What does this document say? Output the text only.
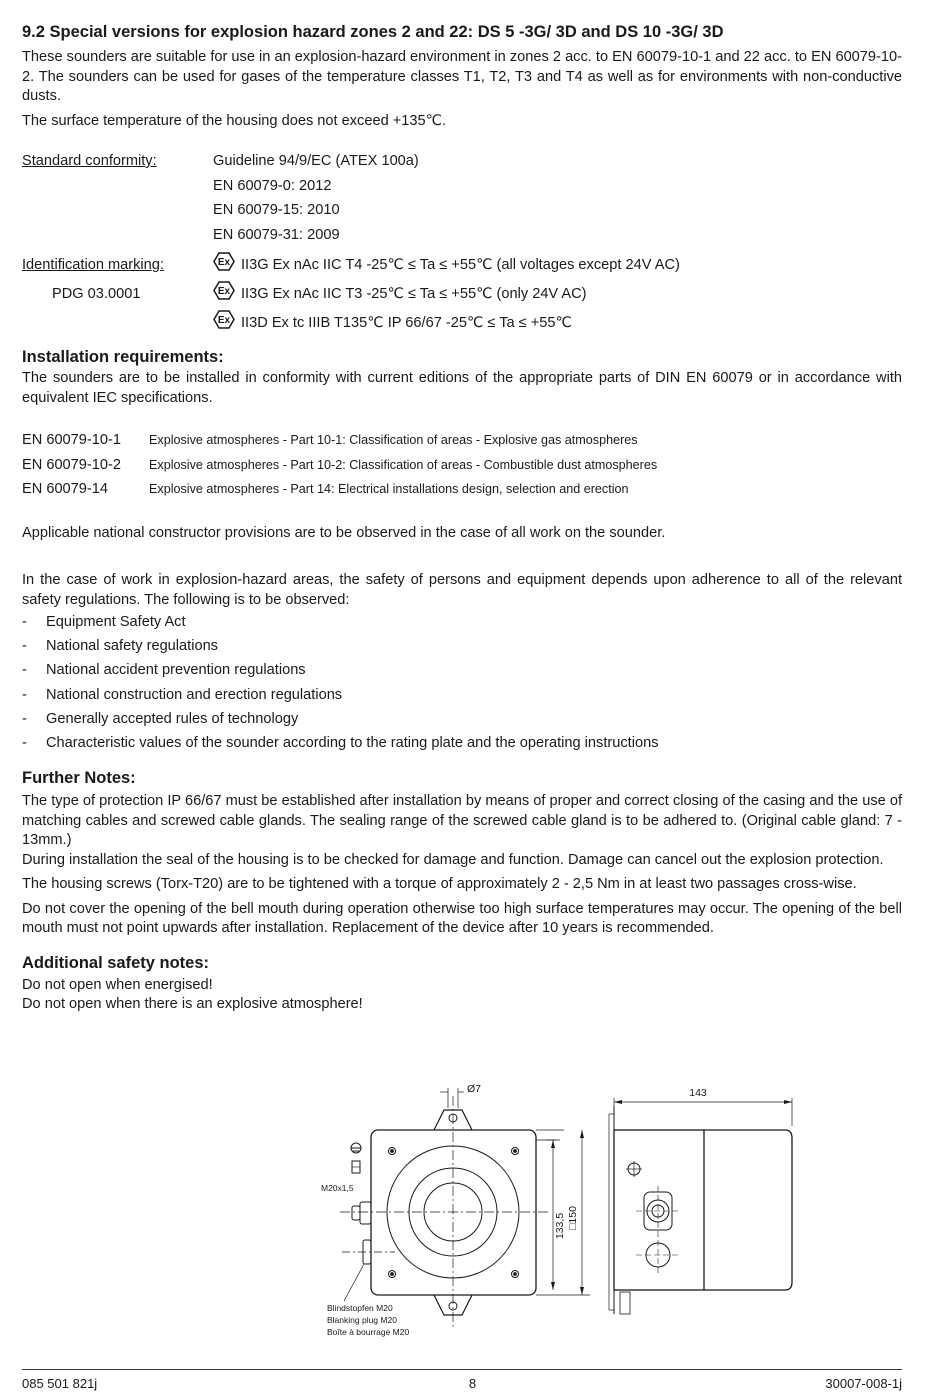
9.2 Special versions for explosion hazard zones 2 and 22: DS 5 -3G/ 3D and DS 10 -3G/ 3D

These sounders are suitable for use in an explosion-hazard environment in zones 2 acc. to EN 60079-10-1 and 22 acc. to EN 60079-10-2. The sounders can be used for gases of the temperature classes T1, T2, T3 and T4 as well as for environments with non-conductive dusts.

The surface temperature of the housing does not exceed +135℃.

Standard conformity:	Guideline 94/9/EC (ATEX 100a)
EN 60079-0: 2012
EN 60079-15: 2010
EN 60079-31: 2009
Identification marking:	Ex II3G Ex nAc IIC T4 -25℃ ≤ Ta ≤ +55℃ (all voltages except 24V AC)
PDG 03.0001	Ex II3G Ex nAc IIC T3 -25℃ ≤ Ta ≤ +55℃ (only 24V AC)
Ex II3D Ex tc IIIB T135℃ IP 66/67 -25℃ ≤ Ta ≤ +55℃
Installation requirements:

The sounders are to be installed in conformity with current editions of the appropriate parts of DIN EN 60079 or in accordance with equivalent IEC specifications.

EN 60079-10-1	Explosive atmospheres - Part 10-1: Classification of areas - Explosive gas atmospheres
EN 60079-10-2	Explosive atmospheres - Part 10-2: Classification of areas - Combustible dust atmospheres
EN 60079-14	Explosive atmospheres - Part 14: Electrical installations design, selection and erection

Applicable national constructor provisions are to be observed in the case of all work on the sounder.

In the case of work in explosion-hazard areas, the safety of persons and equipment depends upon adherence to all of the relevant safety regulations. The following is to be observed:

-	Equipment Safety Act
-	National safety regulations
-	National accident prevention regulations
-	National construction and erection regulations
-	Generally accepted rules of technology
-	Characteristic values of the sounder according to the rating plate and the operating instructions
Further Notes:

The type of protection IP 66/67 must be established after installation by means of proper and correct closing of the casing and the use of matching cables and screwed cable glands. The sealing range of the screwed cable gland is to be adhered to. (Original cable gland: 7 - 13mm.)

During installation the seal of the housing is to be checked for damage and function. Damage can cancel out the explosion protection.

The housing screws (Torx-T20) are to be tightened with a torque of approximately 2 - 2,5 Nm in at least two passages cross-wise.

Do not cover the opening of the bell mouth during operation otherwise too high surface temperatures may occur. The opening of the bell mouth must not point upwards after installation. Replacement of the device after 10 years is recommended.

Additional safety notes:

Do not open when energised!

Do not open when there is an explosive atmosphere!

Ø7	143
M20x1,5
133,5 □150
Blindstopfen M20
Blanking plug M20
Boîte à bourrage M20
085 501 821j	8	30007-008-1j
